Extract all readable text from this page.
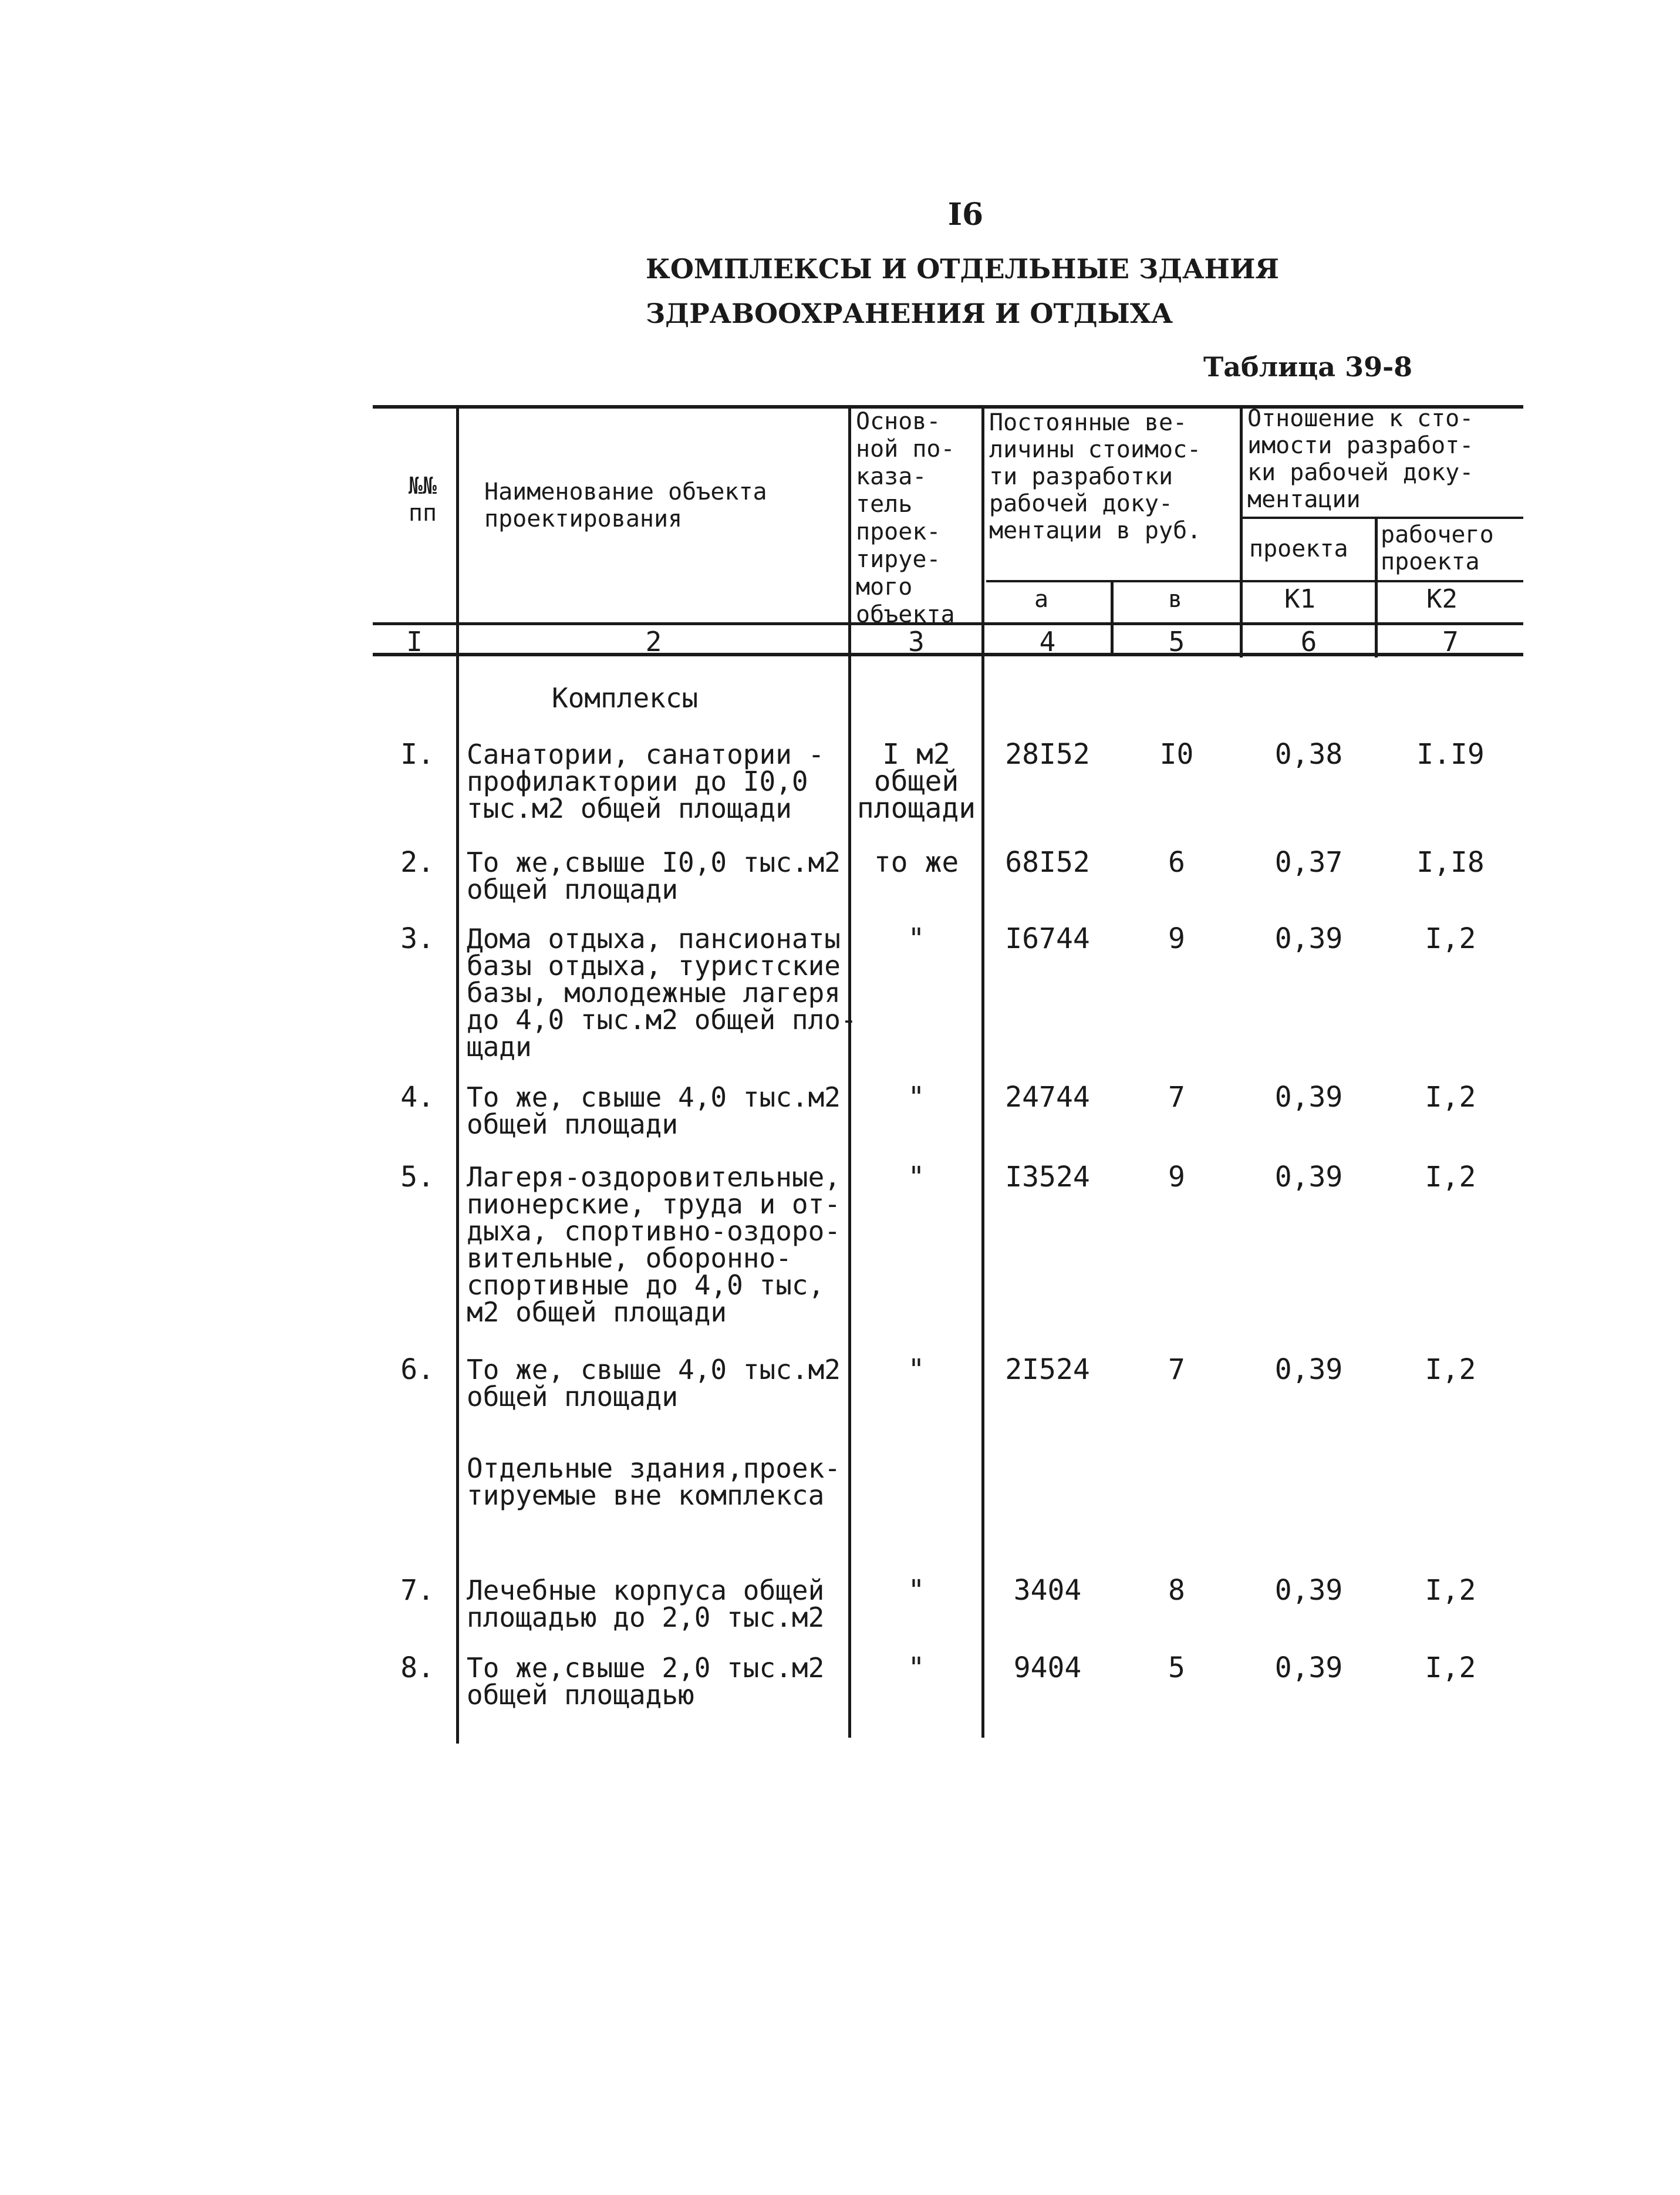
I6
КОМПЛЕКСЫ И ОТДЕЛЬНЫЕ ЗДАНИЯ
ЗДРАВООХРАНЕНИЯ И ОТДЫХА
Таблица 39-8
№№
пп
Наименование объекта
проектирования
Основ-
ной по-
каза-
тель
проек-
тируе-
мого
объекта
Постоянные ве-
личины стоимос-
ти разработки
рабочей доку-
ментации в руб.
а	в
Отношение к сто-
имости разработ-
ки рабочей доку-
ментации
проекта
рабочего
проекта
K1	K2
I	2	3	4	5	6	7
Комплексы
I. Санатории, санатории -
профилактории до I0,0
тыс.м2 общей площади
I м2
общей
площади
28I52	I0	0,38	I.I9
2. То же,свыше I0,0 тыс.м2
общей площади
то же	68I52	6	0,37	I,I8
3. Дома отдыха, пансионаты
базы отдыха, туристские
базы, молодежные лагеря
до 4,0 тыс.м2 общей пло-
щади
"	I6744	9	0,39	I,2
4. То же, свыше 4,0 тыс.м2
общей площади
"	24744	7	0,39	I,2
5. Лагеря-оздоровительные,
пионерские, труда и от-
дыха, спортивно-оздоро-
вительные, оборонно-
спортивные до 4,0 тыс,
м2 общей площади
"	I3524	9	0,39	I,2
6. То же, свыше 4,0 тыс.м2
общей площади
"	2I524	7	0,39	I,2
Отдельные здания,проек-
тируемые вне комплекса
7. Лечебные корпуса общей
площадью до 2,0 тыс.м2
"	3404	8	0,39	I,2
8. То же,свыше 2,0 тыс.м2
общей площадью
"	9404	5	0,39	I,2
